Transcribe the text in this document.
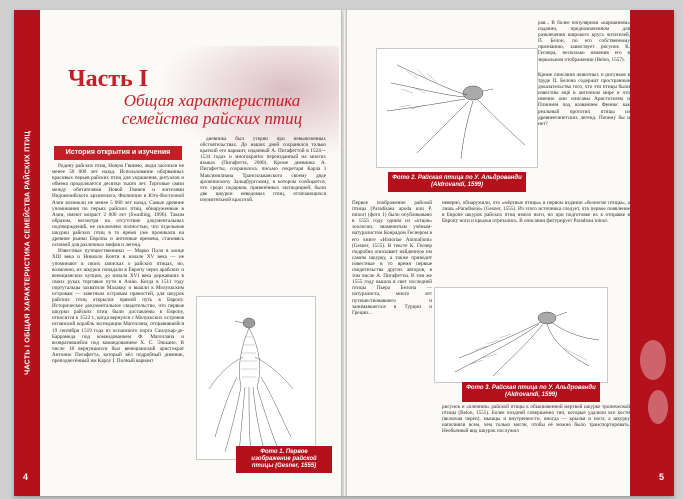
ЧАСТЬ I ОБЩАЯ ХАРАКТЕРИСТИКА СЕМЕЙСТВА РАЙСКИХ ПТИЦ
4
Часть I
Общая характеристика семейства райских птиц
История открытия и изучения

Родину райских птиц, Новую Гвинею, люди заселили не менее 50 000 лет назад. Использование оборванных красивых перьев райских птиц для украшения, ритуалов и обмена продолжается десятки тысяч лет. Торговые связи между обитателями Новой Гвинеи и жителями Индонезийского архипелага, Филиппин и Юго-Восточной Азии возникли не менее 5 000 лет назад. Самые древние упоминания по перьях райских птиц, обнаруженные в Азии, имеют возраст 2 000 лет (Swadling, 1996). Таким образом, несмотря на отсутствие документальных подтверждений, не исключено полностью, что отдельные шкурки райских птиц в то время уже проникали на древние рынки Европы и античные времена, становясь основой для различных мифов и легенд.

Известные путешественники — Марко Поло в конце XIII века и Никколо Конти в начале XV века — не упоминают в своих записках о райских птицах, но, возможно, их шкурки попадали в Европу через арабских и венецианских купцов, до начала XVI века державших в своих руках торговые пути в Азию. Когда в 1511 году португальцы захватили Малакку и вышли к Молуккским островам — заветным островам пряностей, для шкурок райских птиц открылся прямой путь в Европу. Историческое документальное свидетельство, что первые шкурки райских птиц были доставлены в Европу, относится к 1522 г., когда вернулся с Молуккских островов испанский корабль экспедиции Магеллана, отправившейся 19 сентября 1519 года из испанского порта Санлукар-де-Баррамеда под командованием Ф. Магеллана и возвратившейся под командованием Х. С. Элькано. В числе 18 вернувшихся был венецианский аристократ Антонио Пигафетта, который вёл подробный дневник, преподнесённый им Карлу I. Полный вариант

дневника был утерян при невыясненных обстоятельствах. До наших дней сохранился только краткий его вариант, изданный А. Пигафеттой в 1524—1534 годах и многократно переизданный на многих языках (Пигафетта, 2000). Кроме дневника А. Пигафетты, сохранилось письмо секретаря Карла I Максимилиана Трансильванского своему дяде архиепископу Зальцбургскому, в котором сообщается, что среди подарков, привезённых экспедицией, были две шкурки неведомых птиц, отличающихся изумительной красотой.

Фото 1. Первое изображение райской птицы (Gesner, 1555)
5
Фото 2. Райская птица по У. Альдрованди (Aldrovandi, 1599)
рая... В более популярном «карманном» издании, предназначенном для развлечения широкого круга читателей, П. Белон, по его собственному признанию, заимствует рисунок К. Геснера, несколько изменив его в зеркальном отображении (Belon, 1557).
Кроме описания животных и рисунков в труде П. Белона содержат пространные доказательства того, что эти птицы были известны ещё в античном мире и что именно они описаны Аристотелем и Плинием под названием Феникс как реальный прототип птицы из древнеегипетских легенд. Почему бы и нет?
Первое изображение райской птицы (Paradisaea apoda или P. minor) (фото 1) было опубликовано в 1555 году одним из «отцов» зоологии, знаменитым учёным-натуралистом Конрадом Геснером в его книге «Historiae Animalium» (Gesner, 1555). В тексте К. Геснер подробно описывает найденную им самим шкурку, а также приводит известные в то время первые свидетельства других авторов, в том числе А. Пигафетты. В том же 1555 году вышла в свет последней птицы Пьера Белона — натуралиста, много лет путешествовавшего и занимавшегося в Турции и Греции...
неверно, обнаружили, что «мёртвые птицы» в первом издании «безногие птицы», а лишь «Paradiseus» (Gesner, 1555). Из этого источника следует, что первое появление в Европе шкурок райских птиц имело ноги, но при подготовке их к отправке в Европу ноги и крылья отрезались. В описании фигурирует Paradisea minor.
Фото 3. Райская птица по У. Альдрованди (Aldrovandi, 1599)
рисунок и «пленник» райской птицы к обыкновенной мертвой шкурке тропической птицы (Belon, 1555). Более поздний совершенно тип, которые удалили все кости (включая череп), мышцы и внутренности, иногда — крылья и ноги, а шкурку наполняли всем, чем только могли, чтобы её можно было транспортировать. Необычный вид шкурок послужил
